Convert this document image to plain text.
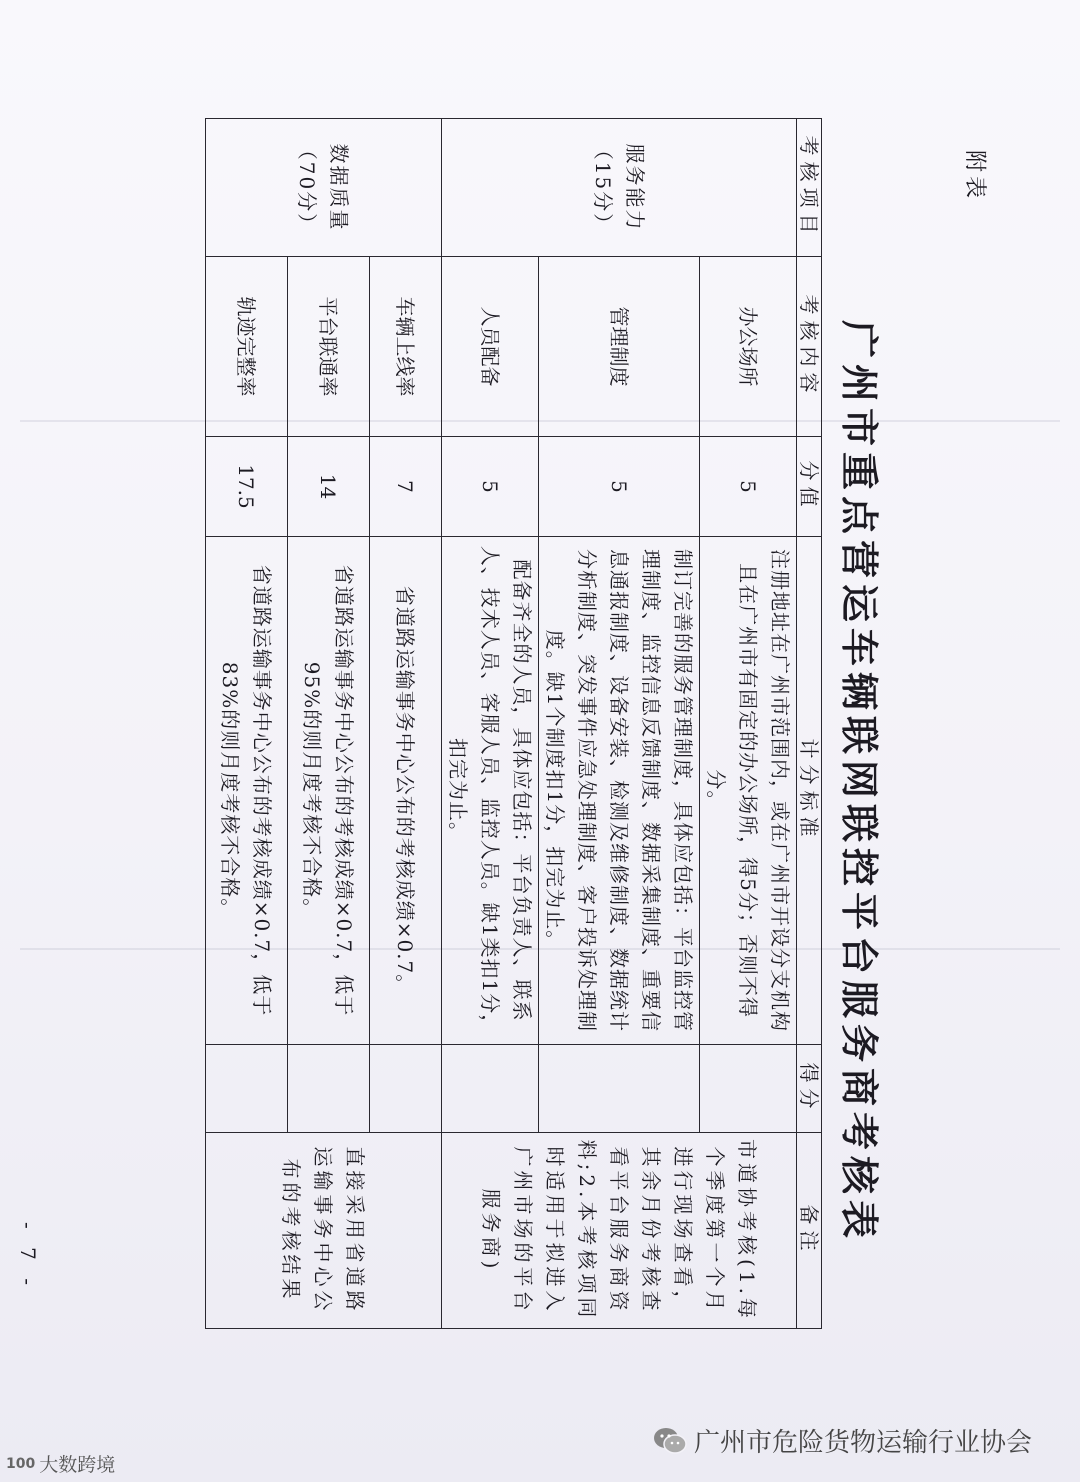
附表
广州市重点营运车辆联网联控平台服务商考核表
考核项目	考核内容	分值	计分标准	得分	备注
服务能力（15分）	办公场所	5	注册地址在广州市范围内，或在广州市开设分支机构且在广州市有固定的办公场所，得5分；否则不得分。		市道协考核(1.每个季度第一个月进行现场查看，其余月份考核查看平台服务商资料;2.本考核项同时适用于拟进入广州市场的平台服务商)
	管理制度	5	制订完善的服务管理制度，具体应包括：平台监控管理制度、监控信息反馈制度、数据采集制度、重要信息通报制度、设备安装、检测及维修制度、数据统计分析制度、突发事件应急处理制度、客户投诉处理制度。缺1个制度扣1分，扣完为止。		
	人员配备	5	配备齐全的人员，具体应包括：平台负责人、联系人、技术人员、客服人员、监控人员。缺1类扣1分，扣完为止。		
数据质量（70分）	车辆上线率	7	省道路运输事务中心公布的考核成绩×0.7。		直接采用省道路运输事务中心公布的考核结果
	平台联通率	14	省道路运输事务中心公布的考核成绩×0.7，低于95%的则月度考核不合格。		
	轨迹完整率	17.5	省道路运输事务中心公布的考核成绩×0.7，低于83%的则月度考核不合格。		
- 7 -
100 大数跨境
广州市危险货物运输行业协会
